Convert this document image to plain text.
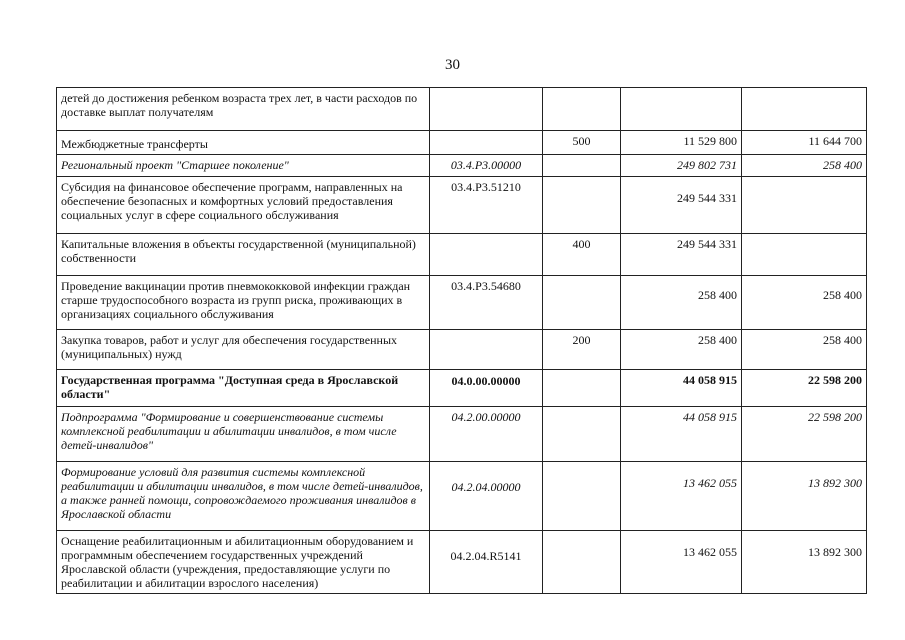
30
детей до достижения ребенком возраста трех лет, в части расходов по доставке выплат получателям				
Межбюджетные трансферты		500	11 529 800	11 644 700
Региональный проект "Старшее поколение"	03.4.P3.00000		249 802 731	258 400
Субсидия на финансовое обеспечение программ, направленных на обеспечение безопасных и комфортных условий предоставления социальных услуг в сфере социального обслуживания	03.4.P3.51210		249 544 331	
Капитальные вложения в объекты государственной (муниципальной) собственности		400	249 544 331	
Проведение вакцинации против пневмококковой инфекции граждан старше трудоспособного возраста из групп риска, проживающих в организациях социального обслуживания	03.4.P3.54680		258 400	258 400
Закупка товаров, работ и услуг для обеспечения государственных (муниципальных) нужд		200	258 400	258 400
Государственная программа "Доступная среда в Ярославской области"	04.0.00.00000		44 058 915	22 598 200
Подпрограмма "Формирование и совершенствование системы комплексной реабилитации и абилитации инвалидов, в том числе детей-инвалидов"	04.2.00.00000		44 058 915	22 598 200
Формирование условий для развития системы комплексной реабилитации и абилитации инвалидов, в том числе детей-инвалидов, а также ранней помощи, сопровождаемого проживания инвалидов в Ярославской области	04.2.04.00000		13 462 055	13 892 300
Оснащение реабилитационным и абилитационным оборудованием и программным обеспечением государственных учреждений Ярославской области (учреждения, предоставляющие услуги по реабилитации и абилитации взрослого населения)	04.2.04.R5141		13 462 055	13 892 300
